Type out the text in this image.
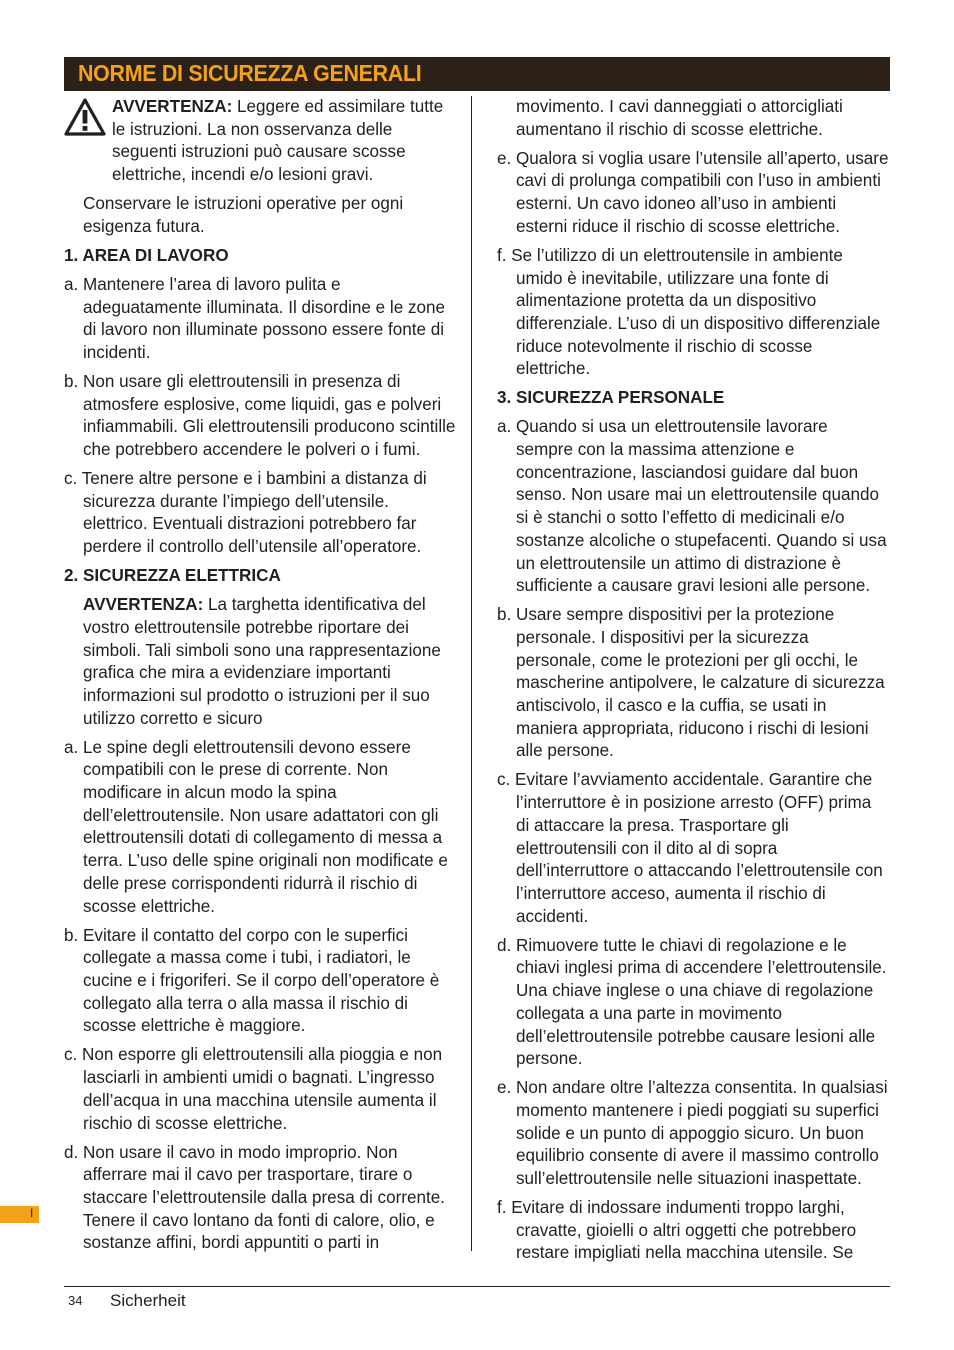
NORME DI SICUREZZA GENERALI
AVVERTENZA: Leggere ed assimilare tutte le istruzioni. La non osservanza delle seguenti istruzioni può causare scosse elettriche, incendi e/o lesioni gravi.

Conservare le istruzioni operative per ogni esigenza futura.

1. AREA DI LAVORO

a. Mantenere l’area di lavoro pulita e adeguatamente illuminata. Il disordine e le zone di lavoro non illuminate possono essere fonte di incidenti.

b. Non usare gli elettroutensili in presenza di atmosfere esplosive, come liquidi, gas e polveri infiammabili. Gli elettroutensili producono scintille che potrebbero accendere le polveri o i fumi.

c. Tenere altre persone e i bambini a distanza di sicurezza durante l’impiego dell’utensile. elettrico. Eventuali distrazioni potrebbero far perdere il controllo dell’utensile all’operatore.

2. SICUREZZA ELETTRICA

AVVERTENZA: La targhetta identificativa del vostro elettroutensile potrebbe riportare dei simboli. Tali simboli sono una rappresentazione grafica che mira a evidenziare importanti informazioni sul prodotto o istruzioni per il suo utilizzo corretto e sicuro

a. Le spine degli elettroutensili devono essere compatibili con le prese di corrente. Non modificare in alcun modo la spina dell’elettroutensile. Non usare adattatori con gli elettroutensili dotati di collegamento di messa a terra. L’uso delle spine originali non modificate e delle prese corrispondenti ridurrà il rischio di scosse elettriche.

b. Evitare il contatto del corpo con le superfici collegate a massa come i tubi, i radiatori, le cucine e i frigoriferi. Se il corpo dell’operatore è collegato alla terra o alla massa il rischio di scosse elettriche è maggiore.

c. Non esporre gli elettroutensili alla pioggia e non lasciarli in ambienti umidi o bagnati. L’ingresso dell’acqua in una macchina utensile aumenta il rischio di scosse elettriche.

d. Non usare il cavo in modo improprio. Non afferrare mai il cavo per trasportare, tirare o staccare l’elettroutensile dalla presa di corrente. Tenere il cavo lontano da fonti di calore, olio, e sostanze affini, bordi appuntiti o parti in

movimento. I cavi danneggiati o attorcigliati aumentano il rischio di scosse elettriche.

e. Qualora si voglia usare l’utensile all’aperto, usare cavi di prolunga compatibili con l’uso in ambienti esterni. Un cavo idoneo all’uso in ambienti esterni riduce il rischio di scosse elettriche.

f. Se l’utilizzo di un elettroutensile in ambiente umido è inevitabile, utilizzare una fonte di alimentazione protetta da un dispositivo differenziale. L’uso di un dispositivo differenziale riduce notevolmente il rischio di scosse elettriche.

3. SICUREZZA PERSONALE

a. Quando si usa un elettroutensile lavorare sempre con la massima attenzione e concentrazione, lasciandosi guidare dal buon senso. Non usare mai un elettroutensile quando si è stanchi o sotto l’effetto di medicinali e/o sostanze alcoliche o stupefacenti. Quando si usa un elettroutensile un attimo di distrazione è sufficiente a causare gravi lesioni alle persone.

b. Usare sempre dispositivi per la protezione personale. I dispositivi per la sicurezza personale, come le protezioni per gli occhi, le mascherine antipolvere, le calzature di sicurezza antiscivolo, il casco e la cuffia, se usati in maniera appropriata, riducono i rischi di lesioni alle persone.

c. Evitare l’avviamento accidentale. Garantire che l’interruttore è in posizione arresto (OFF) prima di attaccare la presa. Trasportare gli elettroutensili con il dito al di sopra dell’interruttore o attaccando l’elettroutensile con l’interruttore acceso, aumenta il rischio di accidenti.

d. Rimuovere tutte le chiavi di regolazione e le chiavi inglesi prima di accendere l’elettroutensile. Una chiave inglese o una chiave di regolazione collegata a una parte in movimento dell’elettroutensile potrebbe causare lesioni alle persone.

e. Non andare oltre l’altezza consentita. In qualsiasi momento mantenere i piedi poggiati su superfici solide e un punto di appoggio sicuro. Un buon equilibrio consente di avere il massimo controllo sull’elettroutensile nelle situazioni inaspettate.

f. Evitare di indossare indumenti troppo larghi, cravatte, gioielli o altri oggetti che potrebbero restare impigliati nella macchina utensile. Se

I
34 Sicherheit
